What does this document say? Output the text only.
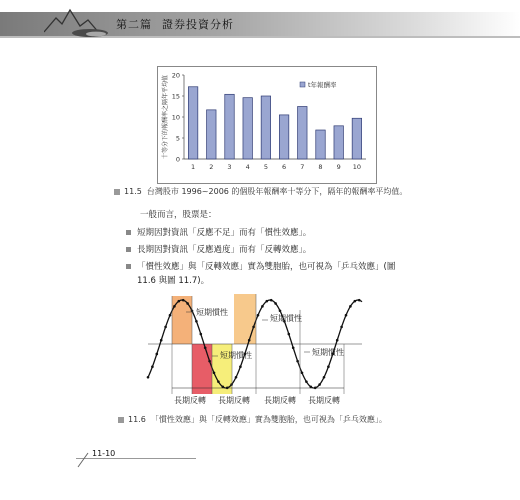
第二篇 證券投資分析
0
5
10
15
20
十等分下的報酬率之隔年平均值
1 2 3 4 5 6 7 8 9 10
t年報酬率
11.5 台灣股市 1996~2006 的個股年報酬率十等分下，隔年的報酬率平均值。
一般而言，股票是：
短期因對資訊「反應不足」而有「慣性效應」。
長期因對資訊「反應過度」而有「反轉效應」。
「慣性效應」與「反轉效應」實為雙胞胎，也可視為「乒乓效應」(圖
11.6 與圖 11.7)。
短期慣性
短期慣性
短期慣性
短期慣性
長期反轉 長期反轉 長期反轉 長期反轉
11.6 「慣性效應」與「反轉效應」實為雙胞胎，也可視為「乒乓效應」。
11-10
